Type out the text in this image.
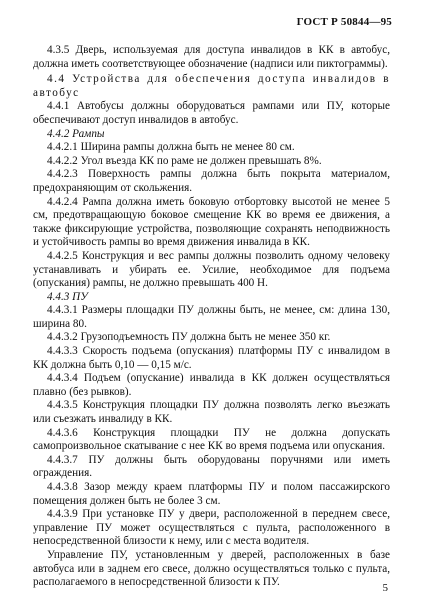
ГОСТ Р 50844—95

4.3.5 Дверь, используемая для доступа инвалидов в КК в автобус, должна иметь соответствующее обозначение (надписи или пиктограммы).

4.4 Устройства для обеспечения доступа инвалидов в автобус

4.4.1 Автобусы должны оборудоваться рампами или ПУ, которые обеспечивают доступ инвалидов в автобус.

4.4.2 Рампы

4.4.2.1 Ширина рампы должна быть не менее 80 см.

4.4.2.2 Угол въезда КК по раме не должен превышать 8%.

4.4.2.3 Поверхность рампы должна быть покрыта материалом, предохраняющим от скольжения.

4.4.2.4 Рампа должна иметь боковую отбортовку высотой не менее 5 см, предотвращающую боковое смещение КК во время ее движения, а также фиксирующие устройства, позволяющие сохранять неподвижность и устойчивость рампы во время движения инвалида в КК.

4.4.2.5 Конструкция и вес рампы должны позволить одному человеку устанавливать и убирать ее. Усилие, необходимое для подъема (опускания) рампы, не должно превышать 400 Н.

4.4.3 ПУ

4.4.3.1 Размеры площадки ПУ должны быть, не менее, см: длина 130, ширина 80.

4.4.3.2 Грузоподъемность ПУ должна быть не менее 350 кг.

4.4.3.3 Скорость подъема (опускания) платформы ПУ с инвалидом в КК должна быть 0,10 — 0,15 м/с.

4.4.3.4 Подъем (опускание) инвалида в КК должен осуществляться плавно (без рывков).

4.4.3.5 Конструкция площадки ПУ должна позволять легко въезжать или съезжать инвалиду в КК.

4.4.3.6 Конструкция площадки ПУ не должна допускать самопроизвольное скатывание с нее КК во время подъема или опускания.

4.4.3.7 ПУ должны быть оборудованы поручнями или иметь ограждения.

4.4.3.8 Зазор между краем платформы ПУ и полом пассажирского помещения должен быть не более 3 см.

4.4.3.9 При установке ПУ у двери, расположенной в переднем свесе, управление ПУ может осуществляться с пульта, расположенного в непосредственной близости к нему, или с места водителя.

Управление ПУ, установленным у дверей, расположенных в базе автобуса или в заднем его свесе, должно осуществляться только с пульта, располагаемого в непосредственной близости к ПУ.

5
